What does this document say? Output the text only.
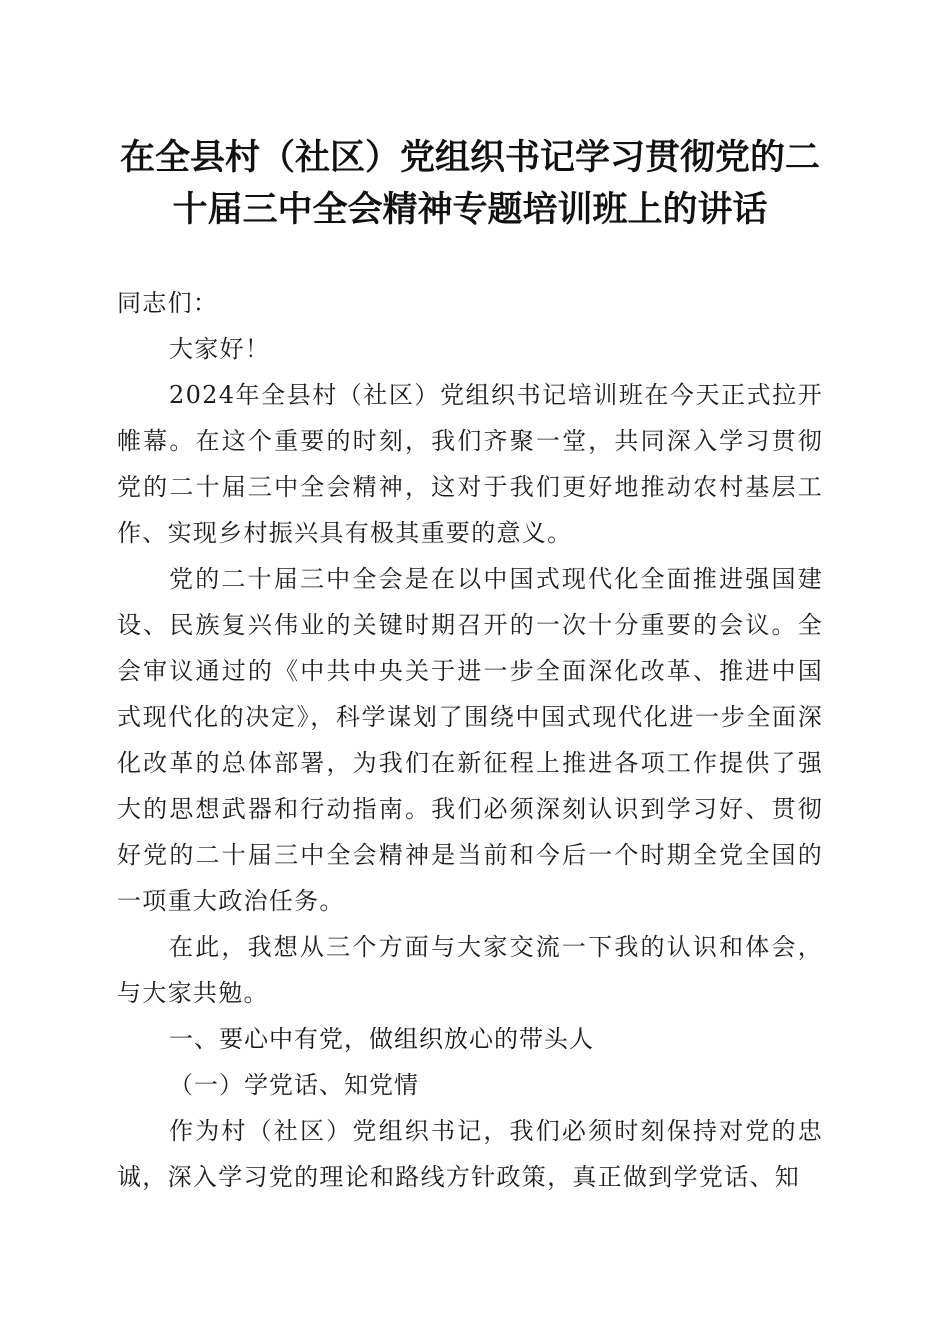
在全县村（社区）党组织书记学习贯彻党的二十届三中全会精神专题培训班上的讲话

同志们：

大家好！

2024年全县村（社区）党组织书记培训班在今天正式拉开帷幕。在这个重要的时刻，我们齐聚一堂，共同深入学习贯彻党的二十届三中全会精神，这对于我们更好地推动农村基层工作、实现乡村振兴具有极其重要的意义。

党的二十届三中全会是在以中国式现代化全面推进强国建设、民族复兴伟业的关键时期召开的一次十分重要的会议。全会审议通过的《中共中央关于进一步全面深化改革、推进中国式现代化的决定》，科学谋划了围绕中国式现代化进一步全面深化改革的总体部署，为我们在新征程上推进各项工作提供了强大的思想武器和行动指南。我们必须深刻认识到学习好、贯彻好党的二十届三中全会精神是当前和今后一个时期全党全国的一项重大政治任务。

在此，我想从三个方面与大家交流一下我的认识和体会，与大家共勉。

一、要心中有党，做组织放心的带头人

（一）学党话、知党情

作为村（社区）党组织书记，我们必须时刻保持对党的忠诚，深入学习党的理论和路线方针政策，真正做到学党话、知
